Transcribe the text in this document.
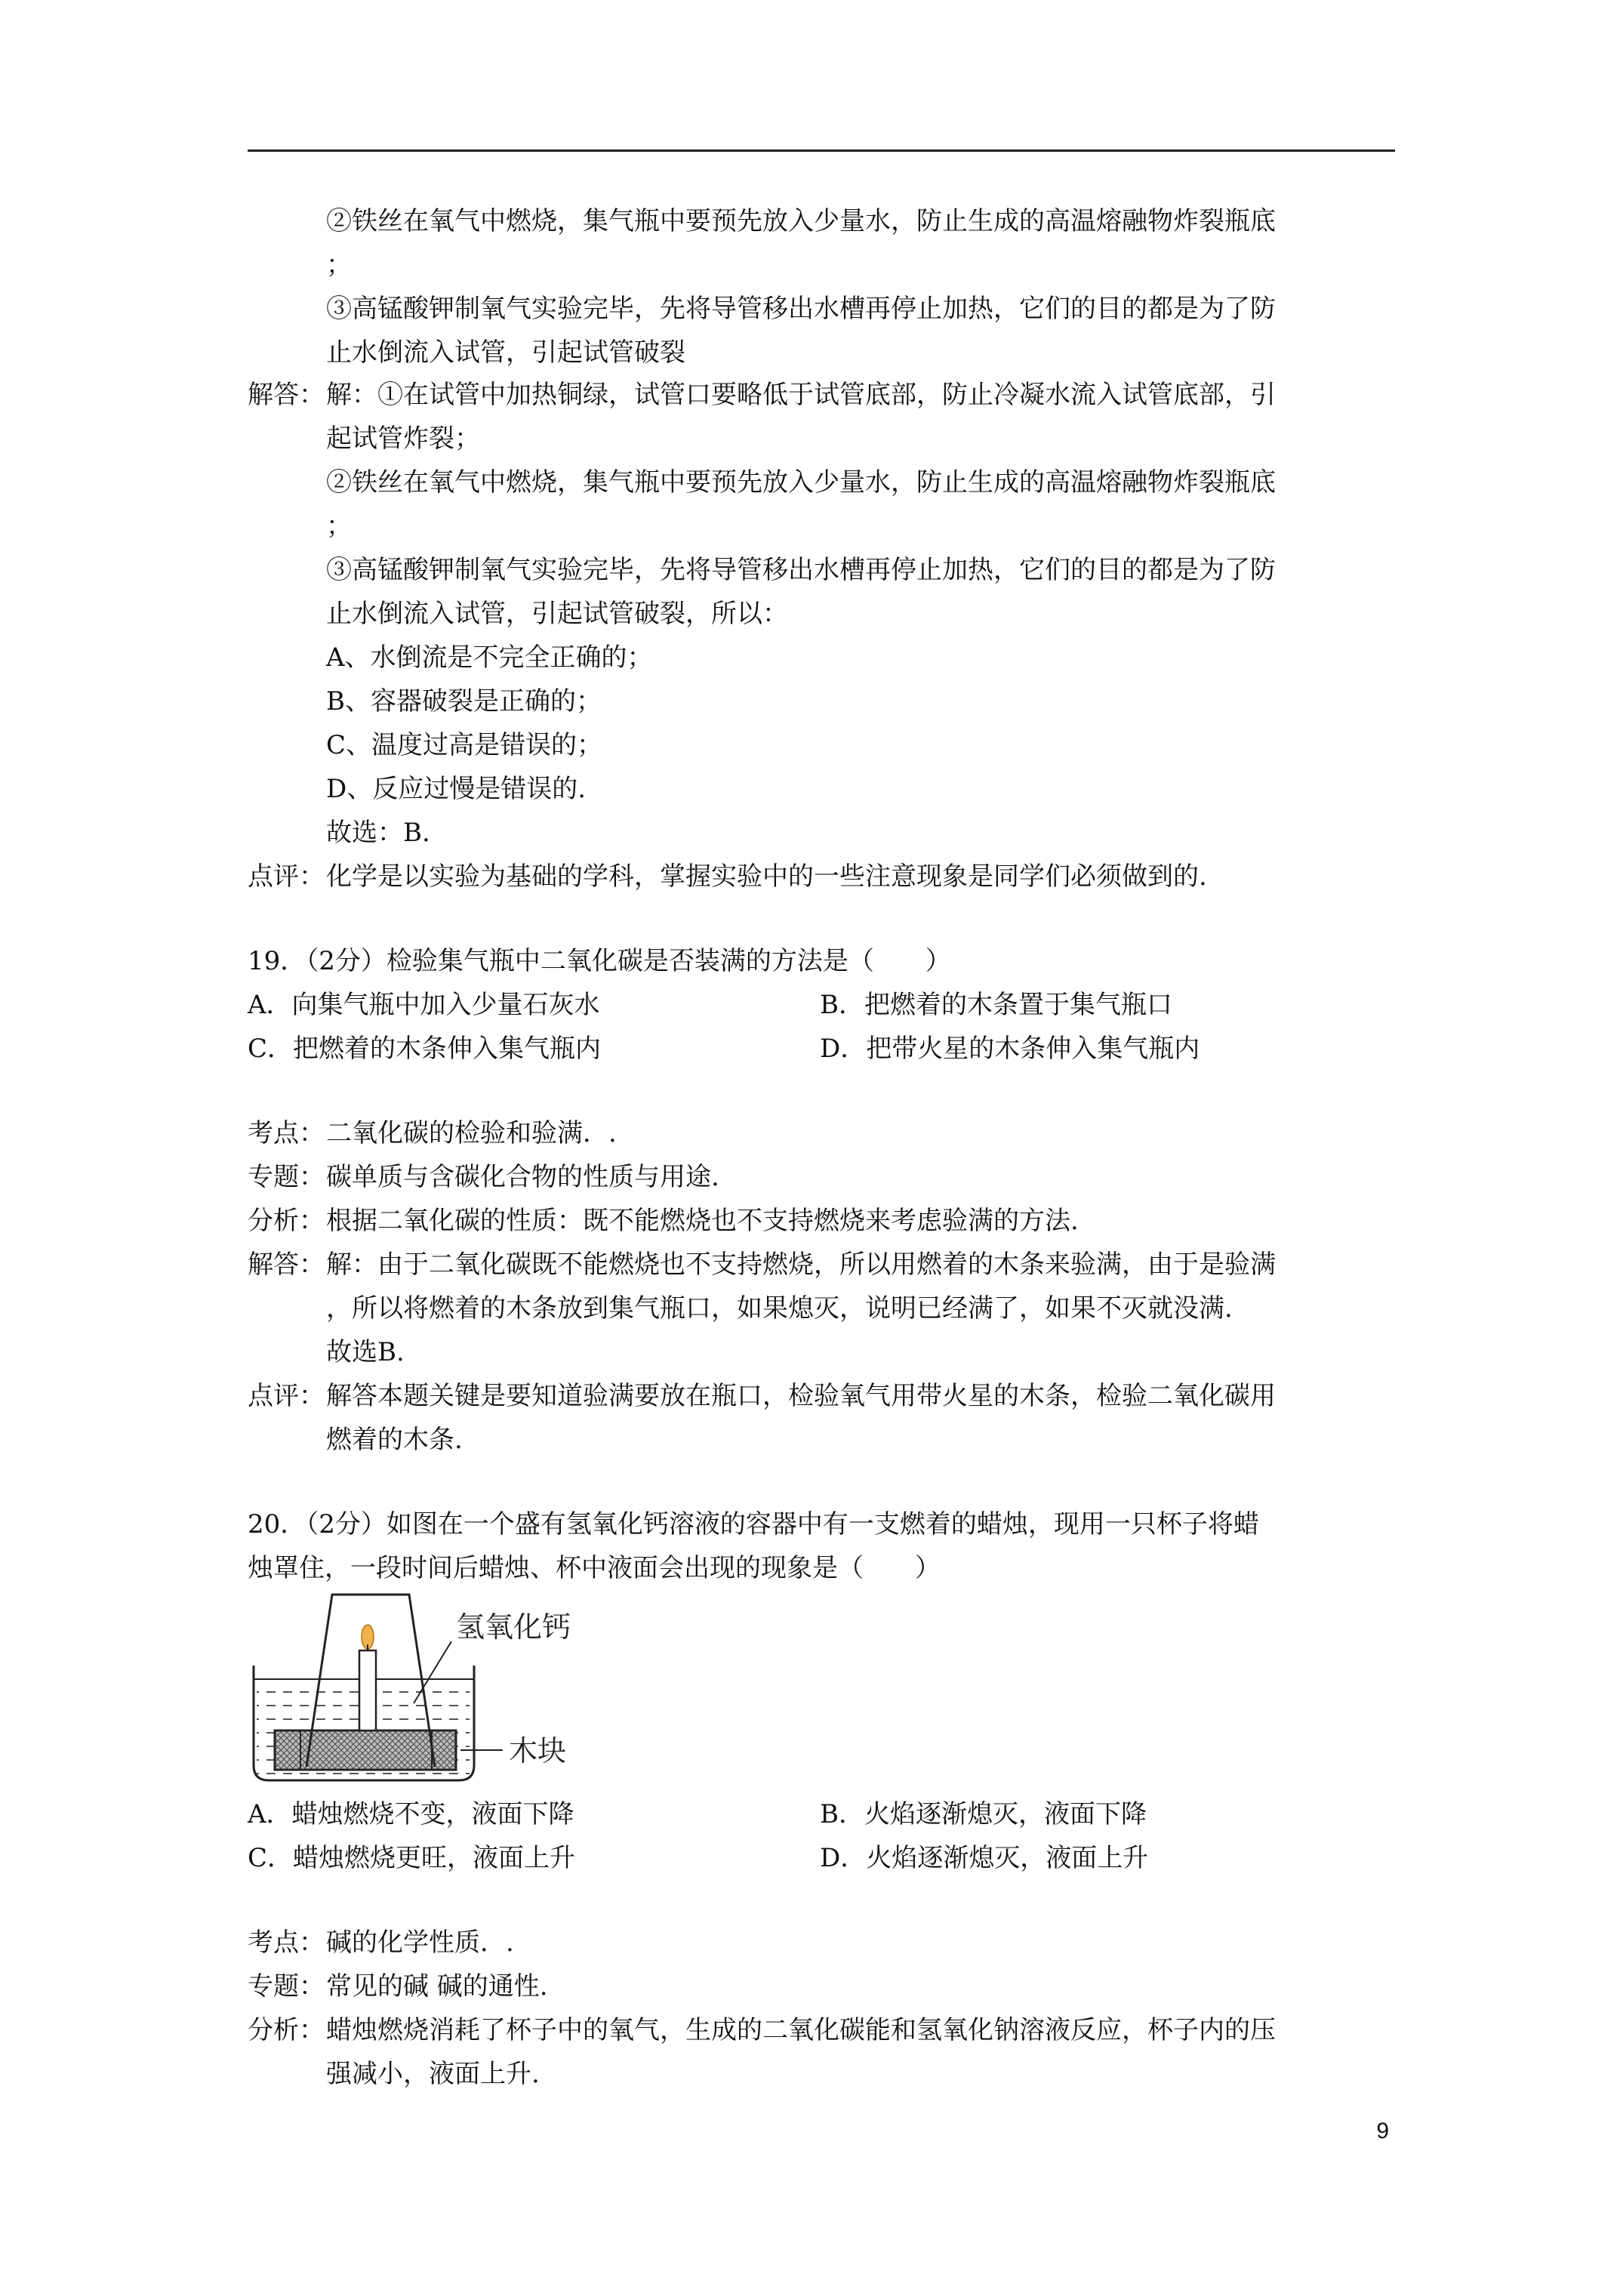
②铁丝在氧气中燃烧，集气瓶中要预先放入少量水，防止生成的高温熔融物炸裂瓶底
；
③高锰酸钾制氧气实验完毕，先将导管移出水槽再停止加热，它们的目的都是为了防
止水倒流入试管，引起试管破裂
解答： 解：①在试管中加热铜绿，试管口要略低于试管底部，防止冷凝水流入试管底部，引
起试管炸裂；
②铁丝在氧气中燃烧，集气瓶中要预先放入少量水，防止生成的高温熔融物炸裂瓶底
；
③高锰酸钾制氧气实验完毕，先将导管移出水槽再停止加热，它们的目的都是为了防
止水倒流入试管，引起试管破裂，所以：
A、水倒流是不完全正确的；
B、容器破裂是正确的；
C、温度过高是错误的；
D、反应过慢是错误的.
故选：B.
点评： 化学是以实验为基础的学科，掌握实验中的一些注意现象是同学们必须做到的.
19．（2分）检验集气瓶中二氧化碳是否装满的方法是（　　）
A．向集气瓶中加入少量石灰水	B．把燃着的木条置于集气瓶口
C．把燃着的木条伸入集气瓶内	D．把带火星的木条伸入集气瓶内
考点： 二氧化碳的检验和验满．.
专题： 碳单质与含碳化合物的性质与用途.
分析： 根据二氧化碳的性质：既不能燃烧也不支持燃烧来考虑验满的方法.
解答： 解：由于二氧化碳既不能燃烧也不支持燃烧，所以用燃着的木条来验满，由于是验满
，所以将燃着的木条放到集气瓶口，如果熄灭，说明已经满了，如果不灭就没满.
故选B.
点评： 解答本题关键是要知道验满要放在瓶口，检验氧气用带火星的木条，检验二氧化碳用
燃着的木条.
20．（2分）如图在一个盛有氢氧化钙溶液的容器中有一支燃着的蜡烛，现用一只杯子将蜡
烛罩住，一段时间后蜡烛、杯中液面会出现的现象是（　　）
氢氧化钙
木块
A．蜡烛燃烧不变，液面下降	B．火焰逐渐熄灭，液面下降
C．蜡烛燃烧更旺，液面上升	D．火焰逐渐熄灭，液面上升
考点： 碱的化学性质．.
专题： 常见的碱 碱的通性.
分析： 蜡烛燃烧消耗了杯子中的氧气，生成的二氧化碳能和氢氧化钠溶液反应，杯子内的压
强减小，液面上升.
9
